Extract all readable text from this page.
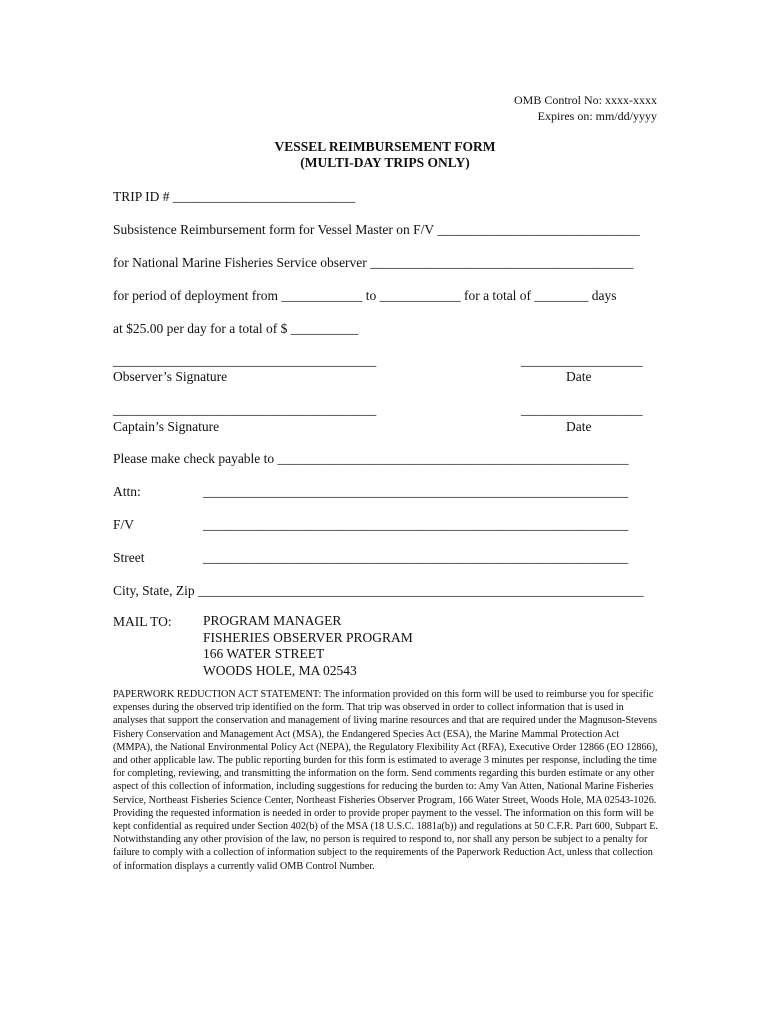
OMB Control No: xxxx-xxxx
Expires on: mm/dd/yyyy
VESSEL REIMBURSEMENT FORM
(MULTI-DAY TRIPS ONLY)
TRIP ID # ___________________________
Subsistence Reimbursement form for Vessel Master on F/V ______________________________
for National Marine Fisheries Service observer _______________________________________
for period of deployment from ____________ to ____________ for a total of ________ days
at $25.00 per day for a total of $ __________
_______________________________________
Observer’s Signature
__________________
Date
_______________________________________
Captain’s Signature
__________________
Date
Please make check payable to ____________________________________________________
Attn:	_______________________________________________________________
F/V	_______________________________________________________________
Street	_______________________________________________________________
City, State, Zip __________________________________________________________________
MAIL TO: PROGRAM MANAGER
FISHERIES OBSERVER PROGRAM
166 WATER STREET
WOODS HOLE, MA 02543
PAPERWORK REDUCTION ACT STATEMENT: The information provided on this form will be used to reimburse you for specific expenses during the observed trip identified on the form. That trip was observed in order to collect information that is used in analyses that support the conservation and management of living marine resources and that are required under the Magnuson-Stevens Fishery Conservation and Management Act (MSA), the Endangered Species Act (ESA), the Marine Mammal Protection Act (MMPA), the National Environmental Policy Act (NEPA), the Regulatory Flexibility Act (RFA), Executive Order 12866 (EO 12866), and other applicable law. The public reporting burden for this form is estimated to average 3 minutes per response, including the time for completing, reviewing, and transmitting the information on the form. Send comments regarding this burden estimate or any other aspect of this collection of information, including suggestions for reducing the burden to: Amy Van Atten, National Marine Fisheries Service, Northeast Fisheries Science Center, Northeast Fisheries Observer Program, 166 Water Street, Woods Hole, MA 02543-1026. Providing the requested information is needed in order to provide proper payment to the vessel. The information on this form will be kept confidential as required under Section 402(b) of the MSA (18 U.S.C. 1881a(b)) and regulations at 50 C.F.R. Part 600, Subpart E. Notwithstanding any other provision of the law, no person is required to respond to, nor shall any person be subject to a penalty for failure to comply with a collection of information subject to the requirements of the Paperwork Reduction Act, unless that collection of information displays a currently valid OMB Control Number.
